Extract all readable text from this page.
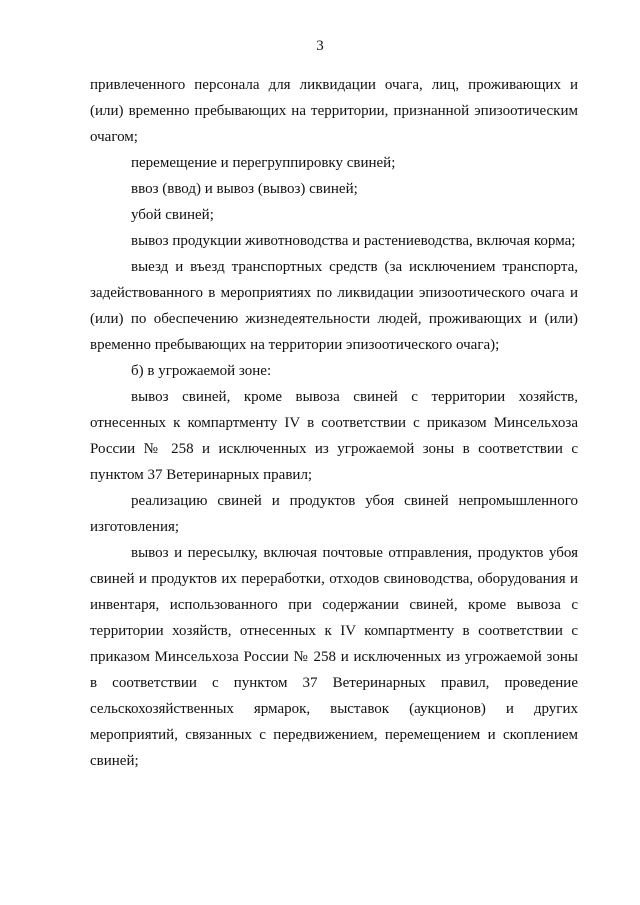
3

привлеченного персонала для ликвидации очага, лиц, проживающих и (или) временно пребывающих на территории, признанной эпизоотическим очагом;

перемещение и перегруппировку свиней;

ввоз (ввод) и вывоз (вывоз) свиней;

убой свиней;

вывоз продукции животноводства и растениеводства, включая корма;

выезд и въезд транспортных средств (за исключением транспорта, задействованного в мероприятиях по ликвидации эпизоотического очага и (или) по обеспечению жизнедеятельности людей, проживающих и (или) временно пребывающих на территории эпизоотического очага);

б) в угрожаемой зоне:

вывоз свиней, кроме вывоза свиней с территории хозяйств, отнесенных к компартменту IV в соответствии с приказом Минсельхоза России № 258 и исключенных из угрожаемой зоны в соответствии с пунктом 37 Ветеринарных правил;

реализацию свиней и продуктов убоя свиней непромышленного изготовления;

вывоз и пересылку, включая почтовые отправления, продуктов убоя свиней и продуктов их переработки, отходов свиноводства, оборудования и инвентаря, использованного при содержании свиней, кроме вывоза с территории хозяйств, отнесенных к IV компартменту в соответствии с приказом Минсельхоза России № 258 и исключенных из угрожаемой зоны в соответствии с пунктом 37 Ветеринарных правил, проведение сельскохозяйственных ярмарок, выставок (аукционов) и других мероприятий, связанных с передвижением, перемещением и скоплением свиней;
